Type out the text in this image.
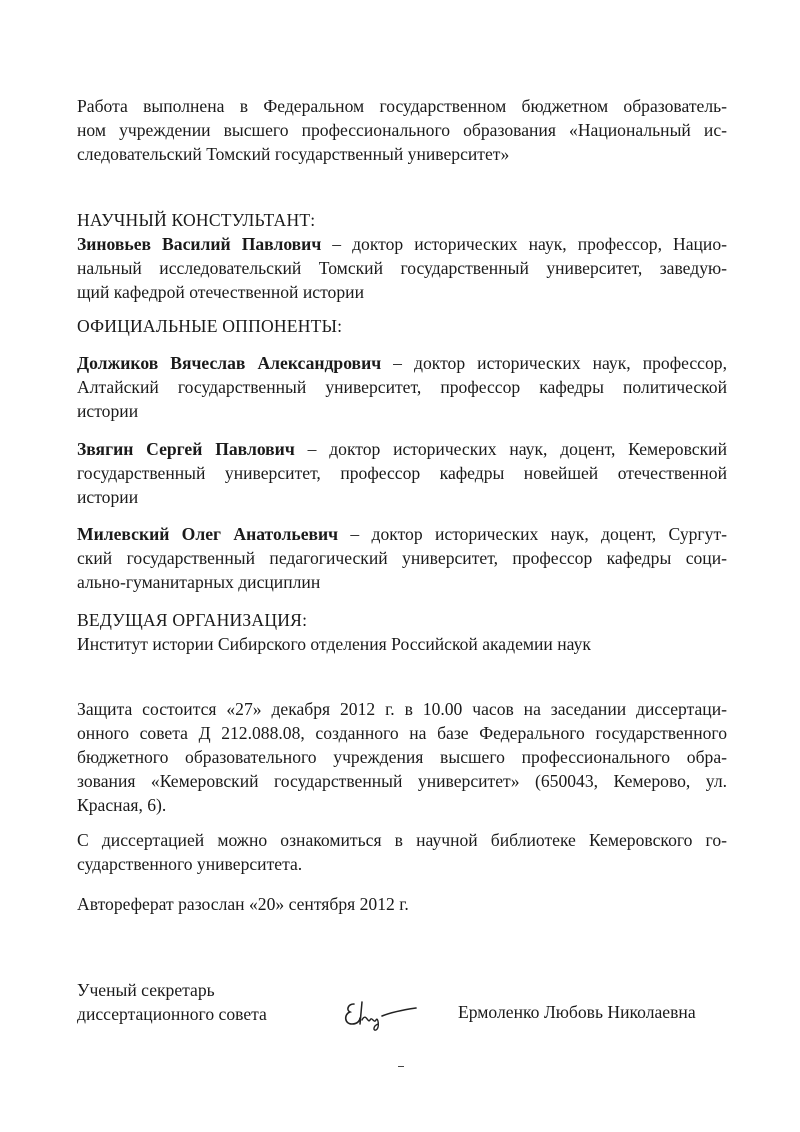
Работа выполнена в Федеральном государственном бюджетном образователь-
ном учреждении высшего профессионального образования «Национальный ис-
следовательский Томский государственный университет»
НАУЧНЫЙ КОНСТУЛЬТАНТ:
Зиновьев Василий Павлович – доктор исторических наук, профессор, Нацио-
нальный исследовательский Томский государственный университет, заведую-
щий кафедрой отечественной истории
ОФИЦИАЛЬНЫЕ ОППОНЕНТЫ:
Должиков Вячеслав Александрович – доктор исторических наук, профессор,
Алтайский государственный университет, профессор кафедры политической
истории
Звягин Сергей Павлович – доктор исторических наук, доцент, Кемеровский
государственный университет, профессор кафедры новейшей отечественной
истории
Милевский Олег Анатольевич – доктор исторических наук, доцент, Сургут-
ский государственный педагогический университет, профессор кафедры соци-
ально-гуманитарных дисциплин
ВЕДУЩАЯ ОРГАНИЗАЦИЯ:
Институт истории Сибирского отделения Российской академии наук
Защита состоится «27» декабря 2012 г. в 10.00 часов на заседании диссертаци-
онного совета Д 212.088.08, созданного на базе Федерального государственного
бюджетного образовательного учреждения высшего профессионального обра-
зования «Кемеровский государственный университет» (650043, Кемерово, ул.
Красная, 6).
С диссертацией можно ознакомиться в научной библиотеке Кемеровского го-
сударственного университета.
Автореферат разослан «20» сентября 2012 г.
Ученый секретарь
диссертационного совета	Ермоленко Любовь Николаевна
